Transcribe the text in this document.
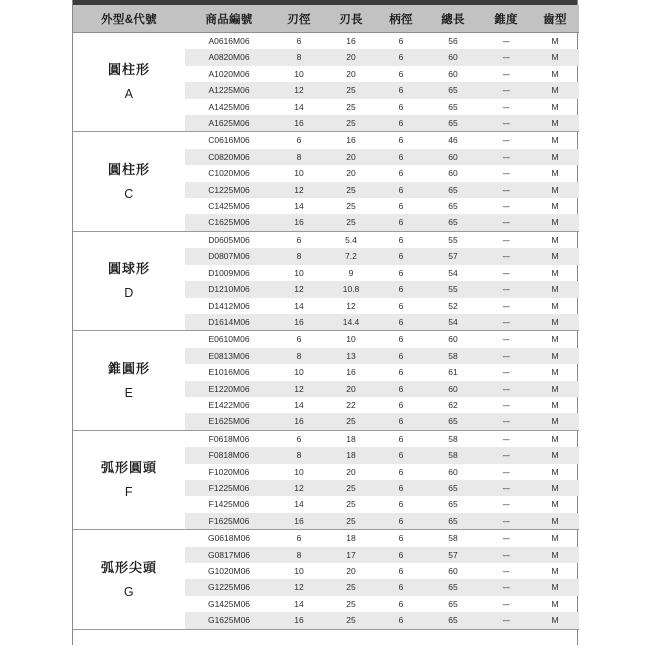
外型&代號	商品編號	刃徑	刃長	柄徑	總長	錐度	齒型

圓柱形
A	A0616M06	6	16	6	56	---	M
	A0820M06	8	20	6	60	---	M
	A1020M06	10	20	6	60	---	M
	A1225M06	12	25	6	65	---	M
	A1425M06	14	25	6	65	---	M
	A1625M06	16	25	6	65	---	M

圓柱形
C	C0616M06	6	16	6	46	---	M
	C0820M06	8	20	6	60	---	M
	C1020M06	10	20	6	60	---	M
	C1225M06	12	25	6	65	---	M
	C1425M06	14	25	6	65	---	M
	C1625M06	16	25	6	65	---	M

圓球形
D	D0605M06	6	5.4	6	55	---	M
	D0807M06	8	7.2	6	57	---	M
	D1009M06	10	9	6	54	---	M
	D1210M06	12	10.8	6	55	---	M
	D1412M06	14	12	6	52	---	M
	D1614M06	16	14.4	6	54	---	M

錐圓形
E	E0610M06	6	10	6	60	---	M
	E0813M06	8	13	6	58	---	M
	E1016M06	10	16	6	61	---	M
	E1220M06	12	20	6	60	---	M
	E1422M06	14	22	6	62	---	M
	E1625M06	16	25	6	65	---	M

弧形圓頭
F	F0618M06	6	18	6	58	---	M
	F0818M06	8	18	6	58	---	M
	F1020M06	10	20	6	60	---	M
	F1225M06	12	25	6	65	---	M
	F1425M06	14	25	6	65	---	M
	F1625M06	16	25	6	65	---	M

弧形尖頭
G	G0618M06	6	18	6	58	---	M
	G0817M06	8	17	6	57	---	M
	G1020M06	10	20	6	60	---	M
	G1225M06	12	25	6	65	---	M
	G1425M06	14	25	6	65	---	M
	G1625M06	16	25	6	65	---	M
